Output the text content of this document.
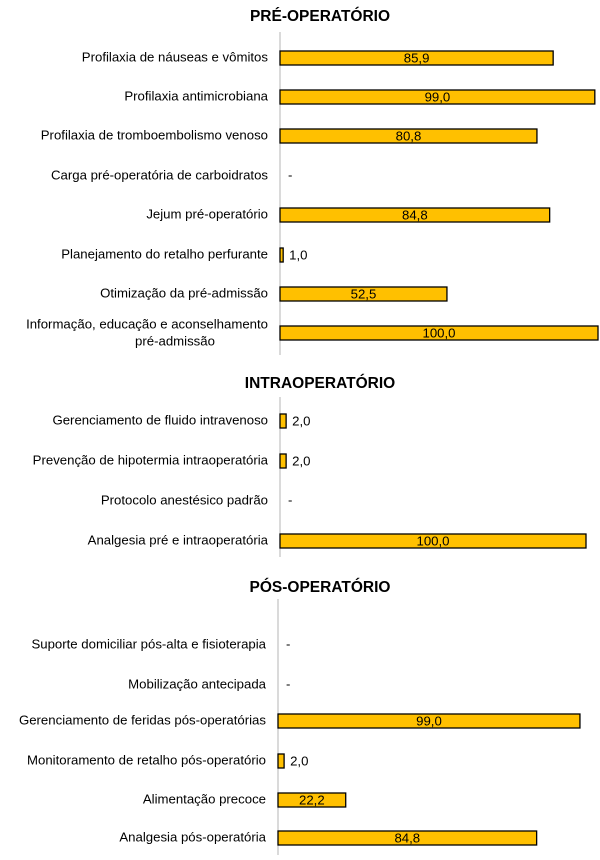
PRÉ-OPERATÓRIO
Profilaxia de náuseas e vômitos	85,9
Profilaxia antimicrobiana	99,0
Profilaxia de tromboembolismo venoso	80,8
Carga pré-operatória de carboidratos -
Jejum pré-operatório	84,8
Planejamento do retalho perfurante 1,0
Otimização da pré-admissão	52,5
Informação, educação e aconselhamento
pré-admissão
100,0
INTRAOPERATÓRIO
Gerenciamento de fluido intravenoso 2,0
Prevenção de hipotermia intraoperatória 2,0
Protocolo anestésico padrão -
Analgesia pré e intraoperatória	100,0
PÓS-OPERATÓRIO
Suporte domiciliar pós-alta e fisioterapia -
Mobilização antecipada -
Gerenciamento de feridas pós-operatórias	99,0
Monitoramento de retalho pós-operatório 2,0
Alimentação precoce	22,2
Analgesia pós-operatória	84,8
